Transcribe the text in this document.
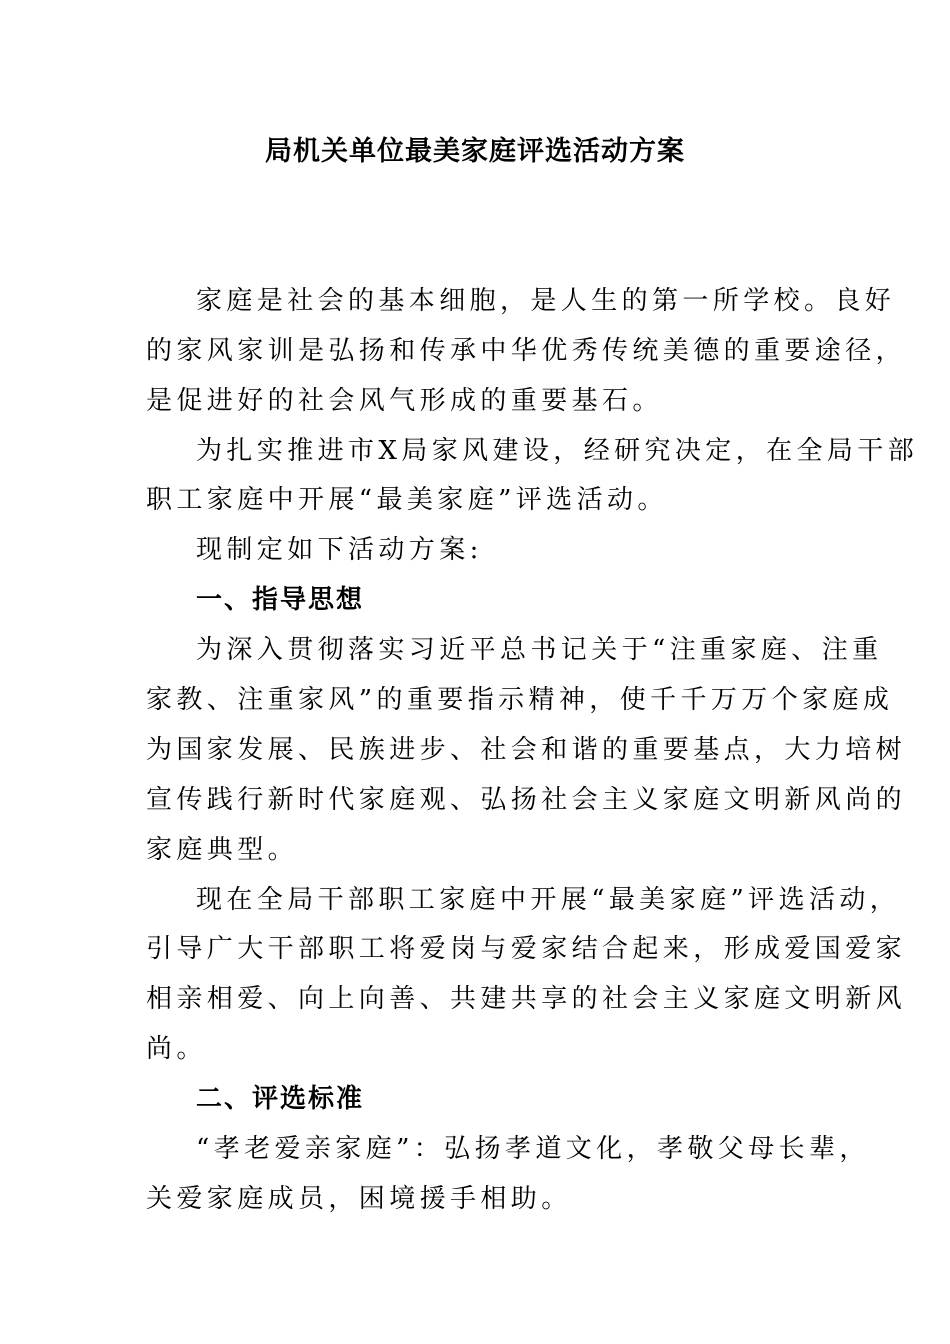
局机关单位最美家庭评选活动方案
家庭是社会的基本细胞，是人生的第一所学校。良好
的家风家训是弘扬和传承中华优秀传统美德的重要途径，
是促进好的社会风气形成的重要基石。
为扎实推进市X局家风建设，经研究决定，在全局干部
职工家庭中开展“最美家庭”评选活动。
现制定如下活动方案:
一、指导思想
为深入贯彻落实习近平总书记关于“注重家庭、注重
家教、注重家风”的重要指示精神，使千千万万个家庭成
为国家发展、民族进步、社会和谐的重要基点，大力培树
宣传践行新时代家庭观、弘扬社会主义家庭文明新风尚的
家庭典型。
现在全局干部职工家庭中开展“最美家庭”评选活动，
引导广大干部职工将爱岗与爱家结合起来，形成爱国爱家
相亲相爱、向上向善、共建共享的社会主义家庭文明新风
尚。
二、评选标准
“孝老爱亲家庭”：弘扬孝道文化，孝敬父母长辈，
关爱家庭成员，困境援手相助。
